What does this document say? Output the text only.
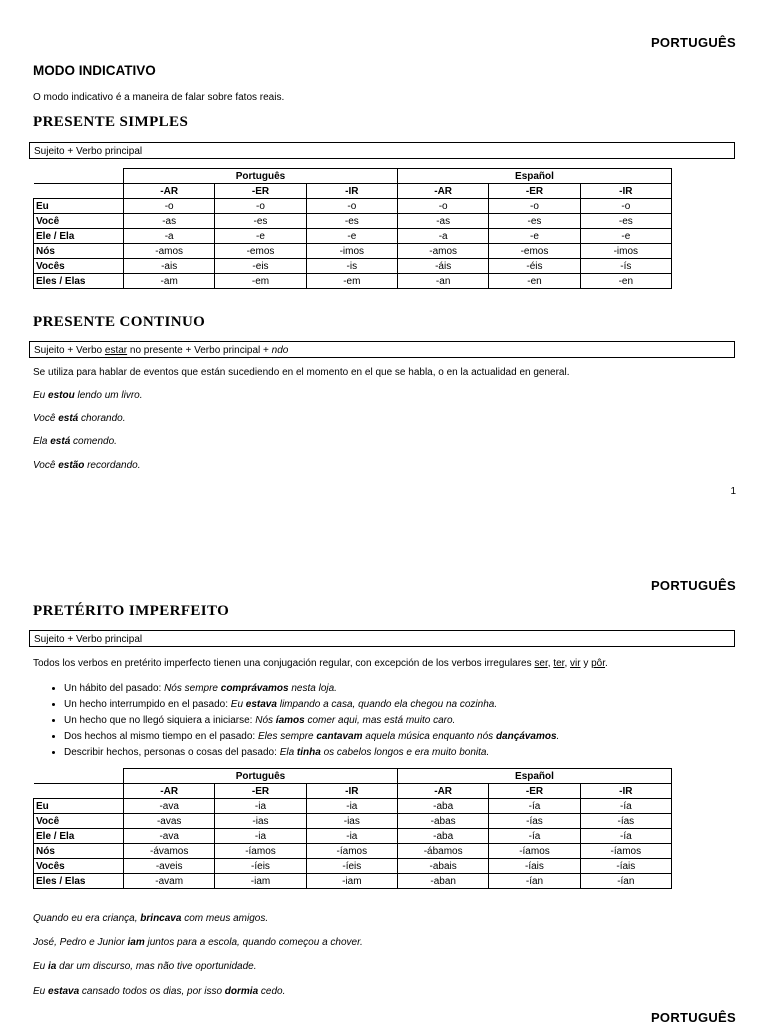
PORTUGUÊS
MODO INDICATIVO
O modo indicativo é a maneira de falar sobre fatos reais.
PRESENTE SIMPLES
Sujeito + Verbo principal
	Português			Español		
	-AR	-ER	-IR	-AR	-ER	-IR
Eu	-o	-o	-o	-o	-o	-o
Você	-as	-es	-es	-as	-es	-es
Ele / Ela	-a	-e	-e	-a	-e	-e
Nós	-amos	-emos	-imos	-amos	-emos	-imos
Vocês	-ais	-eis	-is	-áis	-éis	-ís
Eles / Elas	-am	-em	-em	-an	-en	-en
PRESENTE CONTINUO
Sujeito + Verbo estar no presente + Verbo principal + ndo
Se utiliza para hablar de eventos que están sucediendo en el momento en el que se habla, o en la actualidad en general.
Eu estou lendo um livro.
Você está chorando.
Ela está comendo.
Você estão recordando.
1
PORTUGUÊS
PRETÉRITO IMPERFEITO
Sujeito + Verbo principal
Todos los verbos en pretérito imperfecto tienen una conjugación regular, con excepción de los verbos irregulares ser, ter, vir y pôr.
• Un hábito del pasado: Nós sempre comprávamos nesta loja.
• Un hecho interrumpido en el pasado: Eu estava limpando a casa, quando ela chegou na cozinha.
• Un hecho que no llegó siquiera a iniciarse: Nós íamos comer aqui, mas está muito caro.
• Dos hechos al mismo tiempo en el pasado: Eles sempre cantavam aquela música enquanto nós dançávamos.
• Describir hechos, personas o cosas del pasado: Ela tinha os cabelos longos e era muito bonita.
	Português			Español		
	-AR	-ER	-IR	-AR	-ER	-IR
Eu	-ava	-ia	-ia	-aba	-ía	-ía
Você	-avas	-ias	-ias	-abas	-ías	-ías
Ele / Ela	-ava	-ia	-ia	-aba	-ía	-ía
Nós	-ávamos	-íamos	-íamos	-ábamos	-íamos	-íamos
Vocês	-aveis	-íeis	-íeis	-abais	-íais	-íais
Eles / Elas	-avam	-iam	-iam	-aban	-ían	-ían
Quando eu era criança, brincava com meus amigos.
José, Pedro e Junior iam juntos para a escola, quando começou a chover.
Eu ia dar um discurso, mas não tive oportunidade.
Eu estava cansado todos os dias, por isso dormia cedo.
PORTUGUÊS
